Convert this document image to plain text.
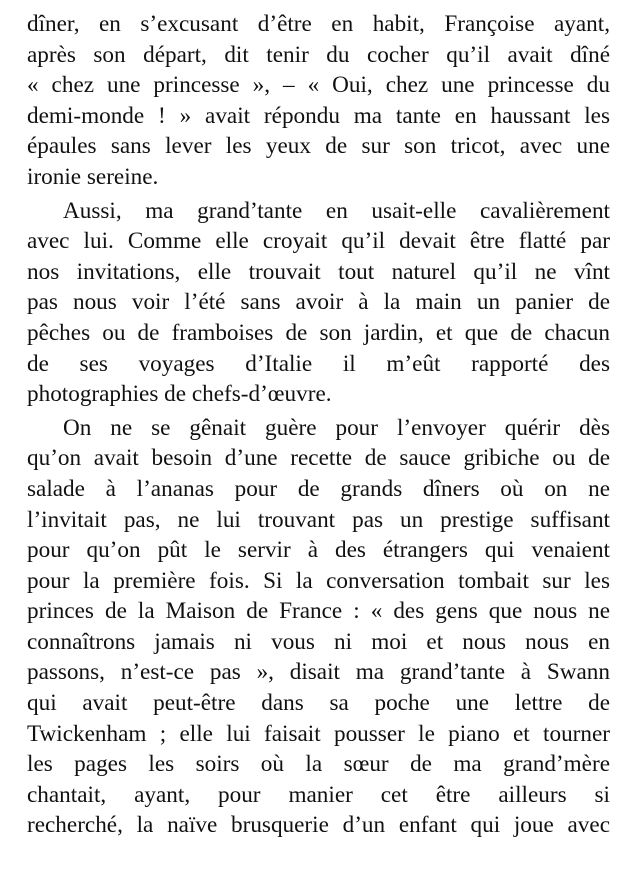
dîner, en s’excusant d’être en habit, Françoise ayant,
après son départ, dit tenir du cocher qu’il avait dîné
« chez une princesse », – « Oui, chez une princesse du
demi-monde ! » avait répondu ma tante en haussant les
épaules sans lever les yeux de sur son tricot, avec une
ironie sereine.
Aussi, ma grand’tante en usait-elle cavalièrement
avec lui. Comme elle croyait qu’il devait être flatté par
nos invitations, elle trouvait tout naturel qu’il ne vînt
pas nous voir l’été sans avoir à la main un panier de
pêches ou de framboises de son jardin, et que de chacun
de ses voyages d’Italie il m’eût rapporté des
photographies de chefs-d’œuvre.
On ne se gênait guère pour l’envoyer quérir dès
qu’on avait besoin d’une recette de sauce gribiche ou de
salade à l’ananas pour de grands dîners où on ne
l’invitait pas, ne lui trouvant pas un prestige suffisant
pour qu’on pût le servir à des étrangers qui venaient
pour la première fois. Si la conversation tombait sur les
princes de la Maison de France : « des gens que nous ne
connaîtrons jamais ni vous ni moi et nous nous en
passons, n’est-ce pas », disait ma grand’tante à Swann
qui avait peut-être dans sa poche une lettre de
Twickenham ; elle lui faisait pousser le piano et tourner
les pages les soirs où la sœur de ma grand’mère
chantait, ayant, pour manier cet être ailleurs si
recherché, la naïve brusquerie d’un enfant qui joue avec
